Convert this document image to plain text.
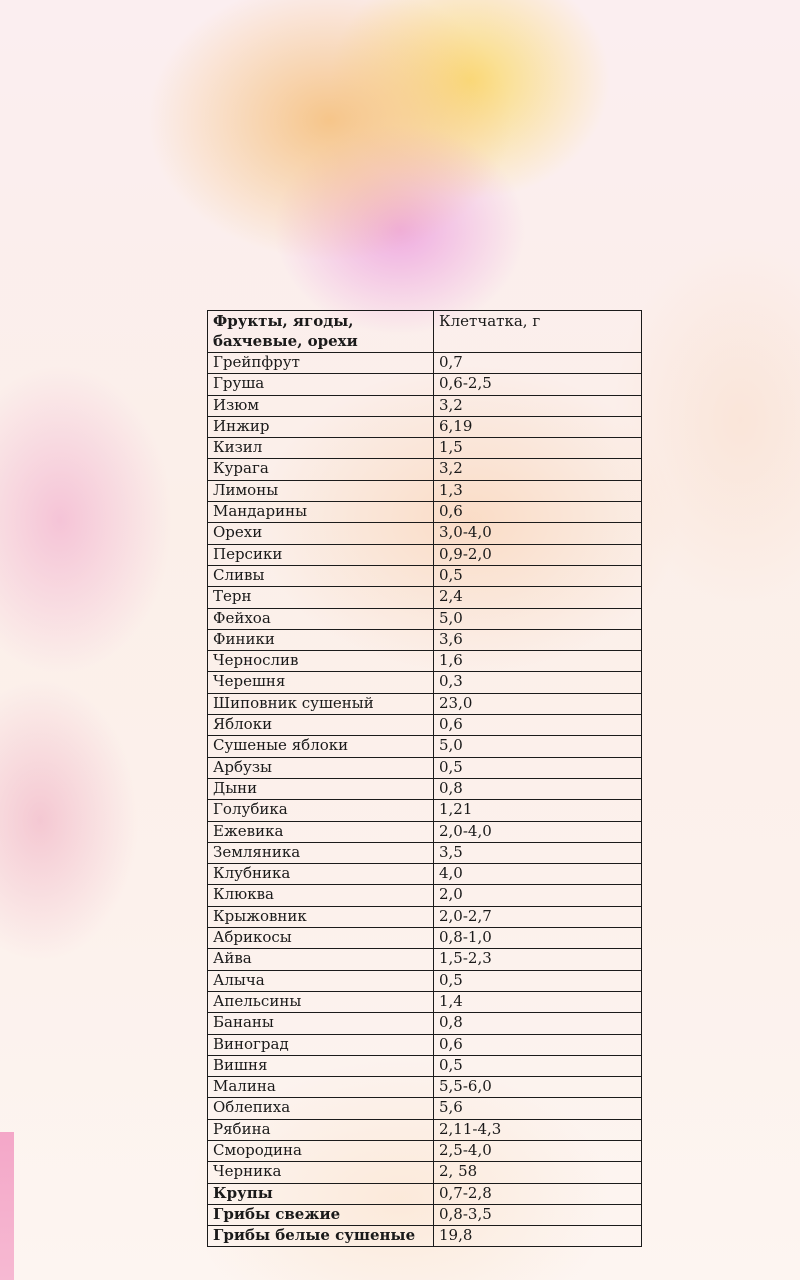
Фрукты, ягоды, бахчевые, орехи	Клетчатка, г
Грейпфрут	0,7
Груша	0,6-2,5
Изюм	3,2
Инжир	6,19
Кизил	1,5
Курага	3,2
Лимоны	1,3
Мандарины	0,6
Орехи	3,0-4,0
Персики	0,9-2,0
Сливы	0,5
Терн	2,4
Фейхоа	5,0
Финики	3,6
Чернослив	1,6
Черешня	0,3
Шиповник сушеный	23,0
Яблоки	0,6
Сушеные яблоки	5,0
Арбузы	0,5
Дыни	0,8
Голубика	1,21
Ежевика	2,0-4,0
Земляника	3,5
Клубника	4,0
Клюква	2,0
Крыжовник	2,0-2,7
Абрикосы	0,8-1,0
Айва	1,5-2,3
Алыча	0,5
Апельсины	1,4
Бананы	0,8
Виноград	0,6
Вишня	0,5
Малина	5,5-6,0
Облепиха	5,6
Рябина	2,11-4,3
Смородина	2,5-4,0
Черника	2, 58
Крупы	0,7-2,8
Грибы свежие	0,8-3,5
Грибы белые сушеные	19,8
